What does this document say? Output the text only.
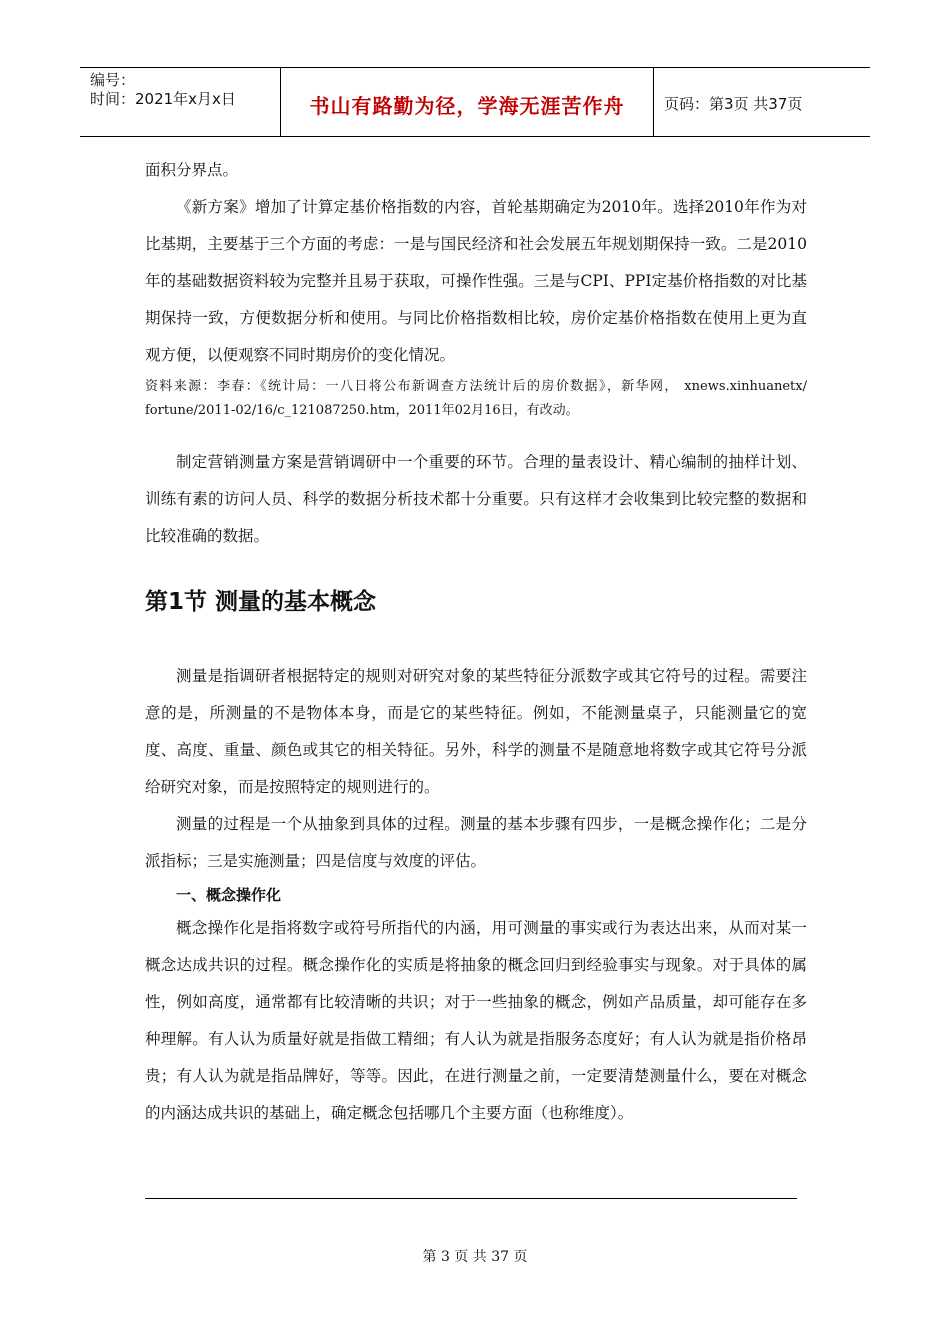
编号：
时间：2021年x月x日	书山有路勤为径，学海无涯苦作舟	页码：第3页 共37页

面积分界点。

《新方案》增加了计算定基价格指数的内容，首轮基期确定为2010年。选择2010年作为对比基期，主要基于三个方面的考虑：一是与国民经济和社会发展五年规划期保持一致。二是2010年的基础数据资料较为完整并且易于获取，可操作性强。三是与CPI、PPI定基价格指数的对比基期保持一致，方便数据分析和使用。与同比价格指数相比较，房价定基价格指数在使用上更为直观方便，以便观察不同时期房价的变化情况。

资料来源：李春：《统计局：一八日将公布新调查方法统计后的房价数据》，新华网， xnews.xinhuanetx/ fortune/2011-02/16/c_121087250.htm，2011年02月16日，有改动。

制定营销测量方案是营销调研中一个重要的环节。合理的量表设计、精心编制的抽样计划、训练有素的访问人员、科学的数据分析技术都十分重要。只有这样才会收集到比较完整的数据和比较准确的数据。

第1节 测量的基本概念

测量是指调研者根据特定的规则对研究对象的某些特征分派数字或其它符号的过程。需要注意的是，所测量的不是物体本身，而是它的某些特征。例如，不能测量桌子，只能测量它的宽度、高度、重量、颜色或其它的相关特征。另外，科学的测量不是随意地将数字或其它符号分派给研究对象，而是按照特定的规则进行的。

测量的过程是一个从抽象到具体的过程。测量的基本步骤有四步，一是概念操作化；二是分派指标；三是实施测量；四是信度与效度的评估。

一、概念操作化

概念操作化是指将数字或符号所指代的内涵，用可测量的事实或行为表达出来，从而对某一概念达成共识的过程。概念操作化的实质是将抽象的概念回归到经验事实与现象。对于具体的属性，例如高度，通常都有比较清晰的共识；对于一些抽象的概念，例如产品质量，却可能存在多种理解。有人认为质量好就是指做工精细；有人认为就是指服务态度好；有人认为就是指价格昂贵；有人认为就是指品牌好，等等。因此，在进行测量之前，一定要清楚测量什么，要在对概念的内涵达成共识的基础上，确定概念包括哪几个主要方面（也称维度）。

第 3 页 共 37 页
